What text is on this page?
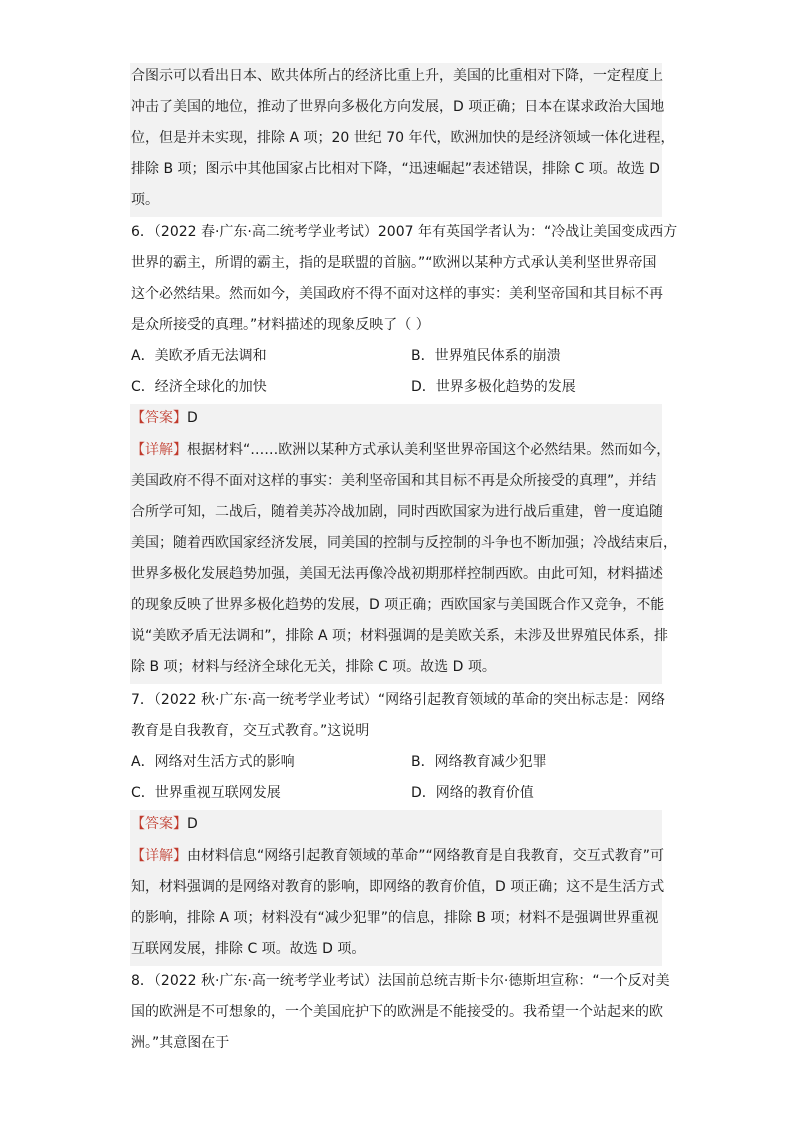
合图示可以看出日本、欧共体所占的经济比重上升，美国的比重相对下降，一定程度上
冲击了美国的地位，推动了世界向多极化方向发展，D 项正确；日本在谋求政治大国地
位，但是并未实现，排除 A 项；20 世纪 70 年代，欧洲加快的是经济领域一体化进程，
排除 B 项；图示中其他国家占比相对下降，“迅速崛起”表述错误，排除 C 项。故选 D
项。
6．（2022 春·广东·高二统考学业考试）2007 年有英国学者认为：“冷战让美国变成西方
世界的霸主，所谓的霸主，指的是联盟的首脑。”“欧洲以某种方式承认美利坚世界帝国
这个必然结果。然而如今，美国政府不得不面对这样的事实：美利坚帝国和其目标不再
是众所接受的真理。”材料描述的现象反映了（ ）
A．美欧矛盾无法调和	B．世界殖民体系的崩溃
C．经济全球化的加快	D．世界多极化趋势的发展
【答案】D
【详解】根据材料“……欧洲以某种方式承认美利坚世界帝国这个必然结果。然而如今，
美国政府不得不面对这样的事实：美利坚帝国和其目标不再是众所接受的真理”，并结
合所学可知，二战后，随着美苏冷战加剧，同时西欧国家为进行战后重建，曾一度追随
美国；随着西欧国家经济发展，同美国的控制与反控制的斗争也不断加强；冷战结束后，
世界多极化发展趋势加强，美国无法再像冷战初期那样控制西欧。由此可知，材料描述
的现象反映了世界多极化趋势的发展，D 项正确；西欧国家与美国既合作又竞争，不能
说“美欧矛盾无法调和”，排除 A 项；材料强调的是美欧关系，未涉及世界殖民体系，排
除 B 项；材料与经济全球化无关，排除 C 项。故选 D 项。
7．（2022 秋·广东·高一统考学业考试）“网络引起教育领域的革命的突出标志是：网络
教育是自我教育，交互式教育。”这说明
A．网络对生活方式的影响	B．网络教育减少犯罪
C．世界重视互联网发展	D．网络的教育价值
【答案】D
【详解】由材料信息“网络引起教育领域的革命”“网络教育是自我教育，交互式教育”可
知，材料强调的是网络对教育的影响，即网络的教育价值，D 项正确；这不是生活方式
的影响，排除 A 项；材料没有“减少犯罪”的信息，排除 B 项；材料不是强调世界重视
互联网发展，排除 C 项。故选 D 项。
8．（2022 秋·广东·高一统考学业考试）法国前总统吉斯卡尔·德斯坦宣称：“一个反对美
国的欧洲是不可想象的，一个美国庇护下的欧洲是不能接受的。我希望一个站起来的欧
洲。”其意图在于
